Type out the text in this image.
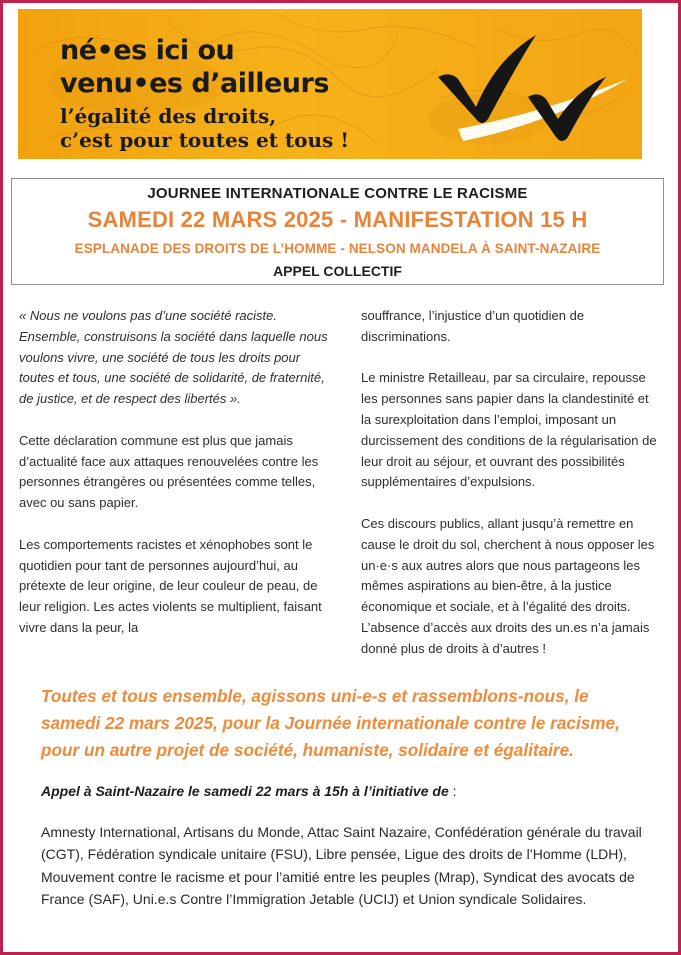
né•es ici ou
venu•es d’ailleurs
l’égalité des droits,
c’est pour toutes et tous !
JOURNEE INTERNATIONALE CONTRE LE RACISME
SAMEDI 22 MARS 2025 - MANIFESTATION 15 H
ESPLANADE DES DROITS DE L’HOMME - NELSON MANDELA À SAINT-NAZAIRE
APPEL COLLECTIF

« Nous ne voulons pas d’une société raciste. Ensemble, construisons la société dans laquelle nous voulons vivre, une société de tous les droits pour toutes et tous, une société de solidarité, de fraternité, de justice, et de respect des libertés ».

Cette déclaration commune est plus que jamais d’actualité face aux attaques renouvelées contre les personnes étrangères ou présentées comme telles, avec ou sans papier.

Les comportements racistes et xénophobes sont le quotidien pour tant de personnes aujourd’hui, au prétexte de leur origine, de leur couleur de peau, de leur religion. Les actes violents se multiplient, faisant vivre dans la peur, la

souffrance, l’injustice d’un quotidien de discriminations.

Le ministre Retailleau, par sa circulaire, repousse les personnes sans papier dans la clandestinité et la surexploitation dans l’emploi, imposant un durcissement des conditions de la régularisation de leur droit au séjour, et ouvrant des possibilités supplémentaires d’expulsions.

Ces discours publics, allant jusqu’à remettre en cause le droit du sol, cherchent à nous opposer les un·e·s aux autres alors que nous partageons les mêmes aspirations au bien-être, à la justice économique et sociale, et à l’égalité des droits. L’absence d’accès aux droits des un.es n’a jamais donné plus de droits à d’autres !

Toutes et tous ensemble, agissons uni-e-s et rassemblons-nous, le samedi 22 mars 2025, pour la Journée internationale contre le racisme, pour un autre projet de société, humaniste, solidaire et égalitaire.

Appel à Saint-Nazaire le samedi 22 mars à 15h à l’initiative de :

Amnesty International, Artisans du Monde, Attac Saint Nazaire, Confédération générale du travail (CGT), Fédération syndicale unitaire (FSU), Libre pensée, Ligue des droits de l’Homme (LDH), Mouvement contre le racisme et pour l’amitié entre les peuples (Mrap), Syndicat des avocats de France (SAF), Uni.e.s Contre l’Immigration Jetable (UCIJ) et Union syndicale Solidaires.
